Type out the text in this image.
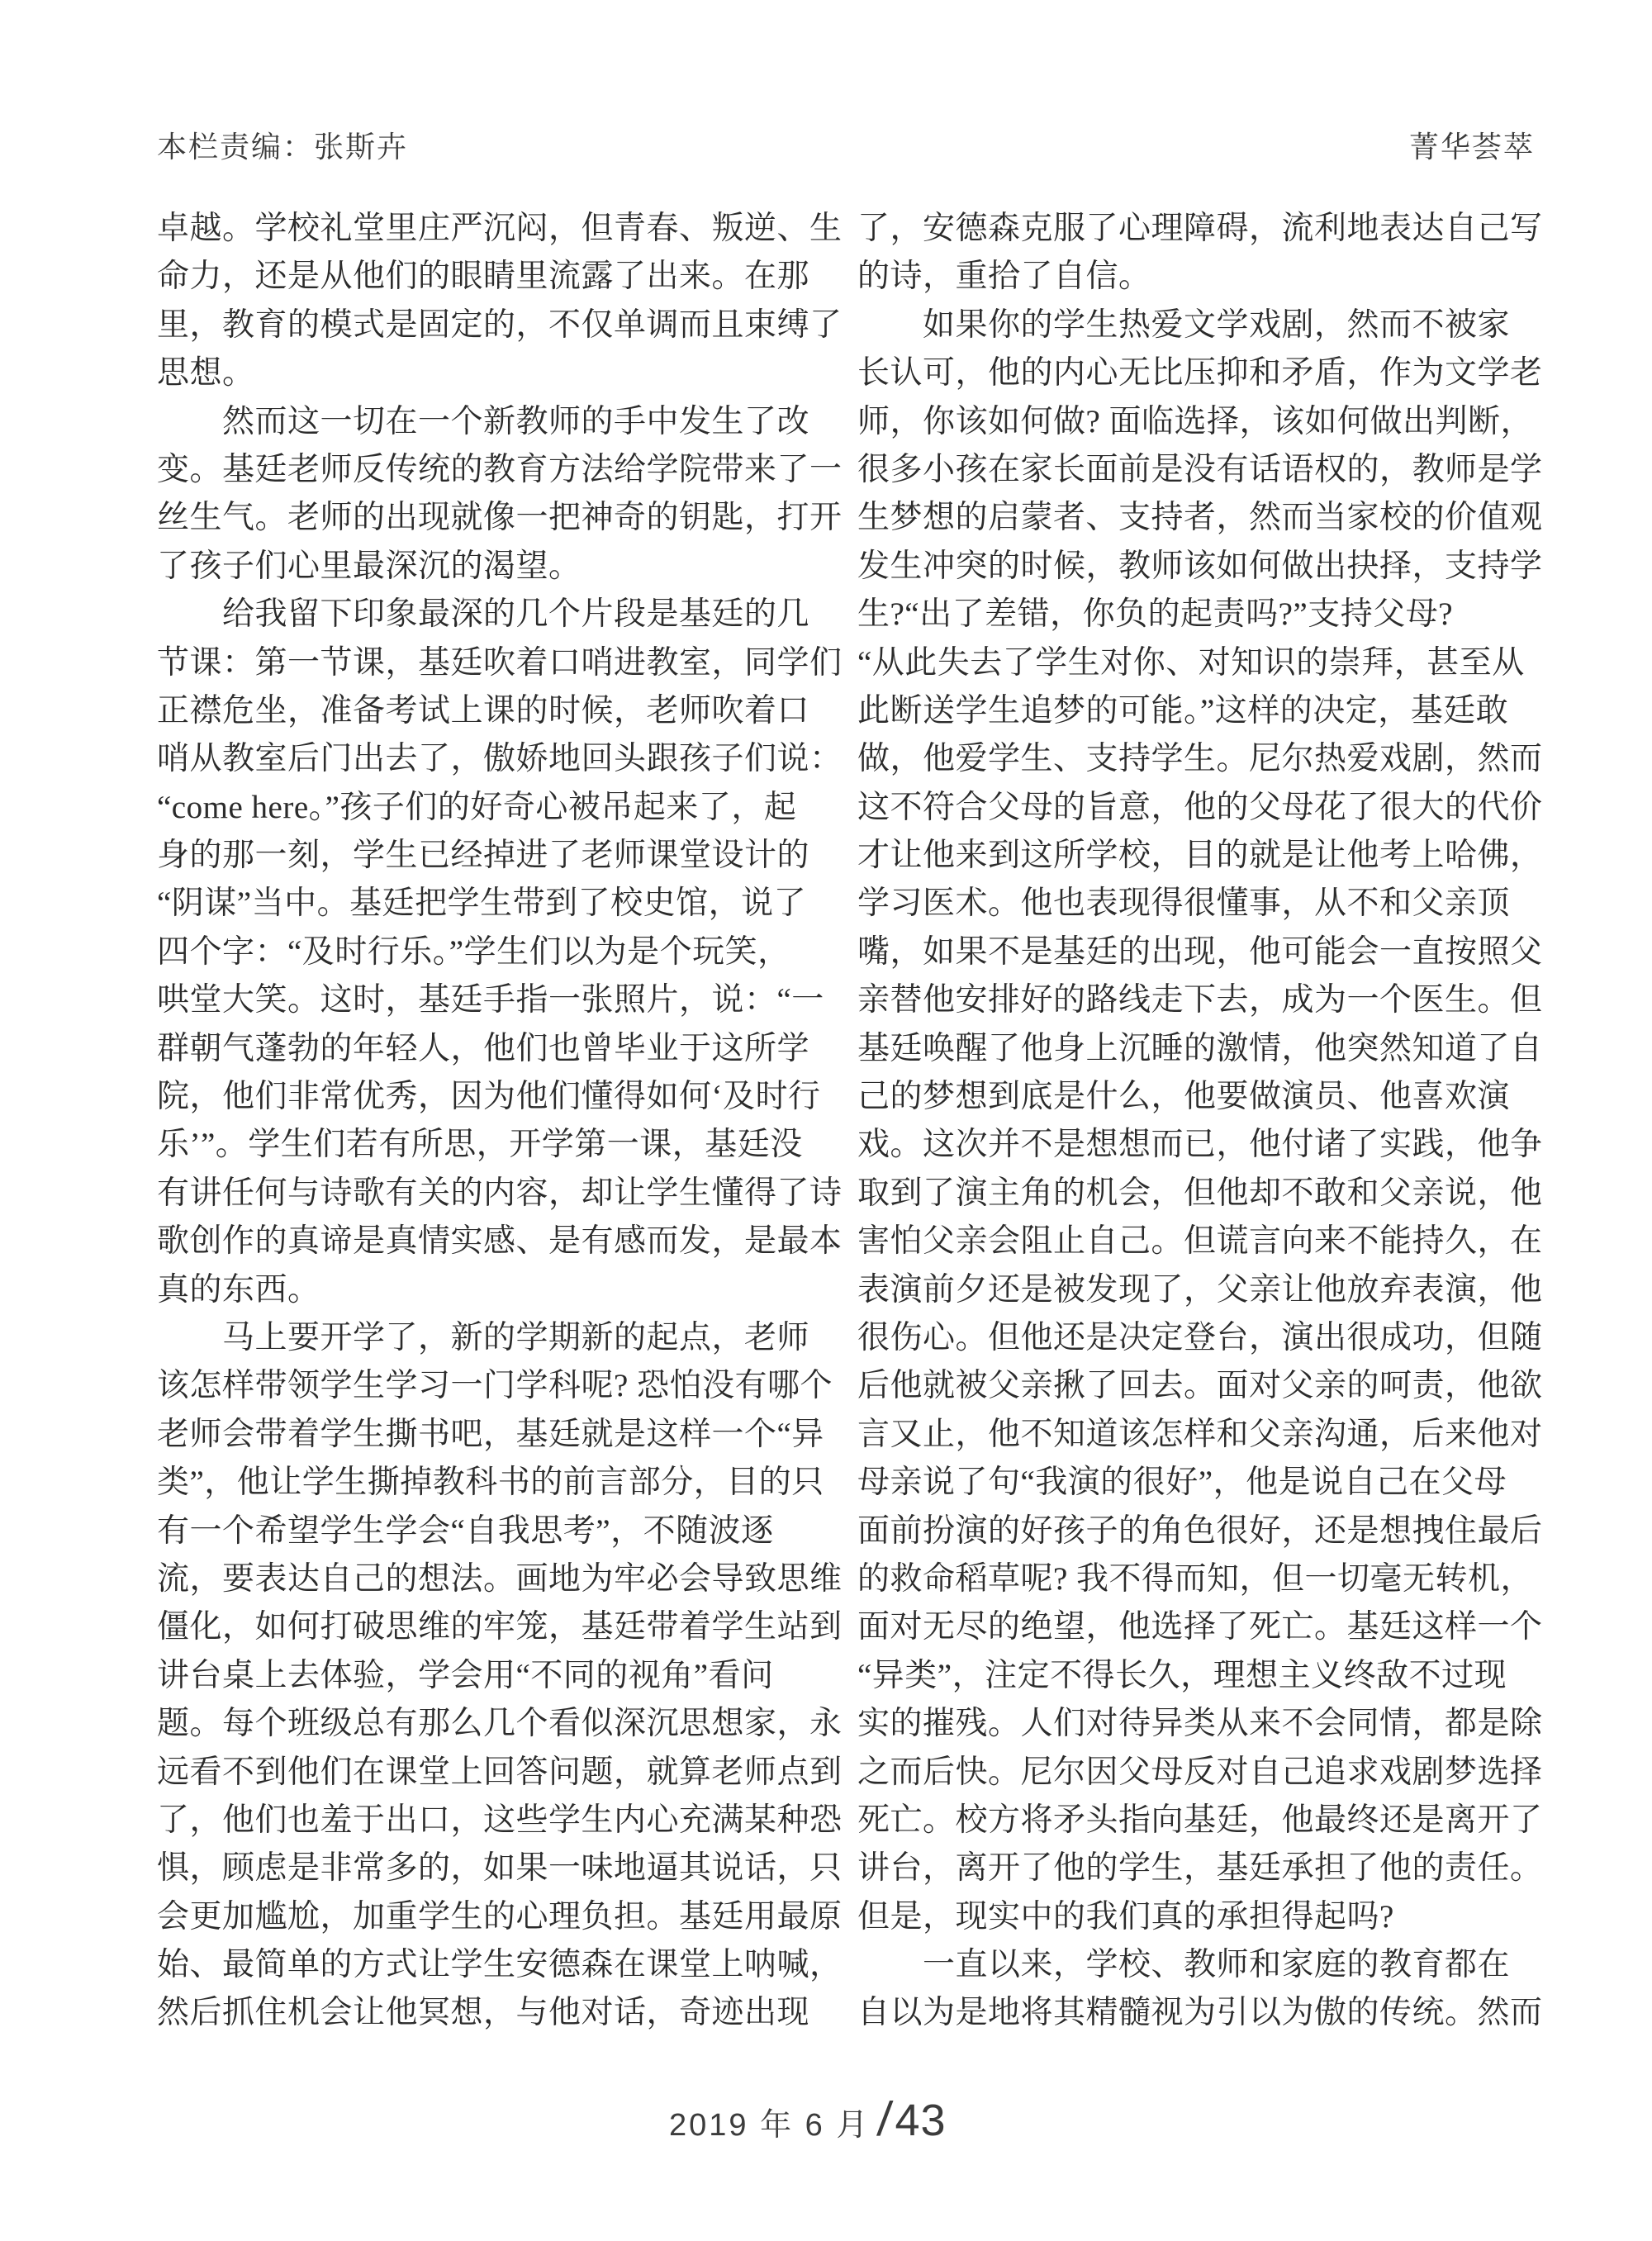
本栏责编：张斯卉	菁华荟萃
卓越。学校礼堂里庄严沉闷，但青春、叛逆、生
命力，还是从他们的眼睛里流露了出来。在那
里，教育的模式是固定的，不仅单调而且束缚了
思想。
　　然而这一切在一个新教师的手中发生了改
变。基廷老师反传统的教育方法给学院带来了一
丝生气。老师的出现就像一把神奇的钥匙，打开
了孩子们心里最深沉的渴望。
　　给我留下印象最深的几个片段是基廷的几
节课：第一节课，基廷吹着口哨进教室，同学们
正襟危坐，准备考试上课的时候，老师吹着口
哨从教室后门出去了，傲娇地回头跟孩子们说：
“come here。”孩子们的好奇心被吊起来了，起
身的那一刻，学生已经掉进了老师课堂设计的
“阴谋”当中。基廷把学生带到了校史馆，说了
四个字：“及时行乐。”学生们以为是个玩笑，
哄堂大笑。这时，基廷手指一张照片，说：“一
群朝气蓬勃的年轻人，他们也曾毕业于这所学
院，他们非常优秀，因为他们懂得如何‘及时行
乐’”。学生们若有所思，开学第一课，基廷没
有讲任何与诗歌有关的内容，却让学生懂得了诗
歌创作的真谛是真情实感、是有感而发，是最本
真的东西。
　　马上要开学了，新的学期新的起点，老师
该怎样带领学生学习一门学科呢? 恐怕没有哪个
老师会带着学生撕书吧，基廷就是这样一个“异
类”，他让学生撕掉教科书的前言部分，目的只
有一个希望学生学会“自我思考”，不随波逐
流，要表达自己的想法。画地为牢必会导致思维
僵化，如何打破思维的牢笼，基廷带着学生站到
讲台桌上去体验，学会用“不同的视角”看问
题。每个班级总有那么几个看似深沉思想家，永
远看不到他们在课堂上回答问题，就算老师点到
了，他们也羞于出口，这些学生内心充满某种恐
惧，顾虑是非常多的，如果一味地逼其说话，只
会更加尴尬，加重学生的心理负担。基廷用最原
始、最简单的方式让学生安德森在课堂上呐喊，
然后抓住机会让他冥想，与他对话，奇迹出现
了，安德森克服了心理障碍，流利地表达自己写
的诗，重拾了自信。
　　如果你的学生热爱文学戏剧，然而不被家
长认可，他的内心无比压抑和矛盾，作为文学老
师，你该如何做? 面临选择，该如何做出判断，
很多小孩在家长面前是没有话语权的，教师是学
生梦想的启蒙者、支持者，然而当家校的价值观
发生冲突的时候，教师该如何做出抉择，支持学
生?“出了差错，你负的起责吗?”支持父母?
“从此失去了学生对你、对知识的崇拜，甚至从
此断送学生追梦的可能。”这样的决定，基廷敢
做，他爱学生、支持学生。尼尔热爱戏剧，然而
这不符合父母的旨意，他的父母花了很大的代价
才让他来到这所学校，目的就是让他考上哈佛，
学习医术。他也表现得很懂事，从不和父亲顶
嘴，如果不是基廷的出现，他可能会一直按照父
亲替他安排好的路线走下去，成为一个医生。但
基廷唤醒了他身上沉睡的激情，他突然知道了自
己的梦想到底是什么，他要做演员、他喜欢演
戏。这次并不是想想而已，他付诸了实践，他争
取到了演主角的机会，但他却不敢和父亲说，他
害怕父亲会阻止自己。但谎言向来不能持久，在
表演前夕还是被发现了，父亲让他放弃表演，他
很伤心。但他还是决定登台，演出很成功，但随
后他就被父亲揪了回去。面对父亲的呵责，他欲
言又止，他不知道该怎样和父亲沟通，后来他对
母亲说了句“我演的很好”，他是说自己在父母
面前扮演的好孩子的角色很好，还是想拽住最后
的救命稻草呢? 我不得而知，但一切毫无转机，
面对无尽的绝望，他选择了死亡。基廷这样一个
“异类”，注定不得长久，理想主义终敌不过现
实的摧残。人们对待异类从来不会同情，都是除
之而后快。尼尔因父母反对自己追求戏剧梦选择
死亡。校方将矛头指向基廷，他最终还是离开了
讲台，离开了他的学生，基廷承担了他的责任。
但是，现实中的我们真的承担得起吗?
　　一直以来，学校、教师和家庭的教育都在
自以为是地将其精髓视为引以为傲的传统。然而
2019 年 6 月 / 43
